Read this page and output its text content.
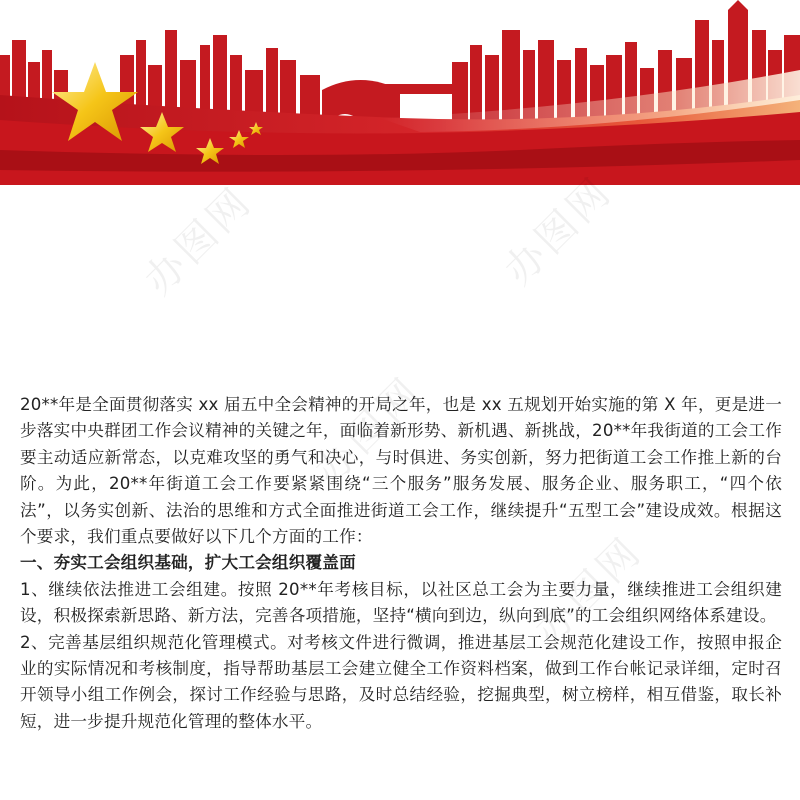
办图网	办图网
办图网
办图网

20**年是全面贯彻落实 xx 届五中全会精神的开局之年，也是 xx 五规划开始实施的第 X 年，更是进一步落实中央群团工作会议精神的关键之年，面临着新形势、新机遇、新挑战，20**年我街道的工会工作要主动适应新常态，以克难攻坚的勇气和决心，与时俱进、务实创新，努力把街道工会工作推上新的台阶。为此，20**年街道工会工作要紧紧围绕“三个服务”服务发展、服务企业、服务职工，“四个依法”，以务实创新、法治的思维和方式全面推进街道工会工作，继续提升“五型工会”建设成效。根据这个要求，我们重点要做好以下几个方面的工作：

一、夯实工会组织基础，扩大工会组织覆盖面

1、继续依法推进工会组建。按照 20**年考核目标，以社区总工会为主要力量，继续推进工会组织建设，积极探索新思路、新方法，完善各项措施，坚持“横向到边，纵向到底”的工会组织网络体系建设。

2、完善基层组织规范化管理模式。对考核文件进行微调，推进基层工会规范化建设工作，按照申报企业的实际情况和考核制度，指导帮助基层工会建立健全工作资料档案，做到工作台帐记录详细，定时召开领导小组工作例会，探讨工作经验与思路，及时总结经验，挖掘典型，树立榜样，相互借鉴，取长补短，进一步提升规范化管理的整体水平。
